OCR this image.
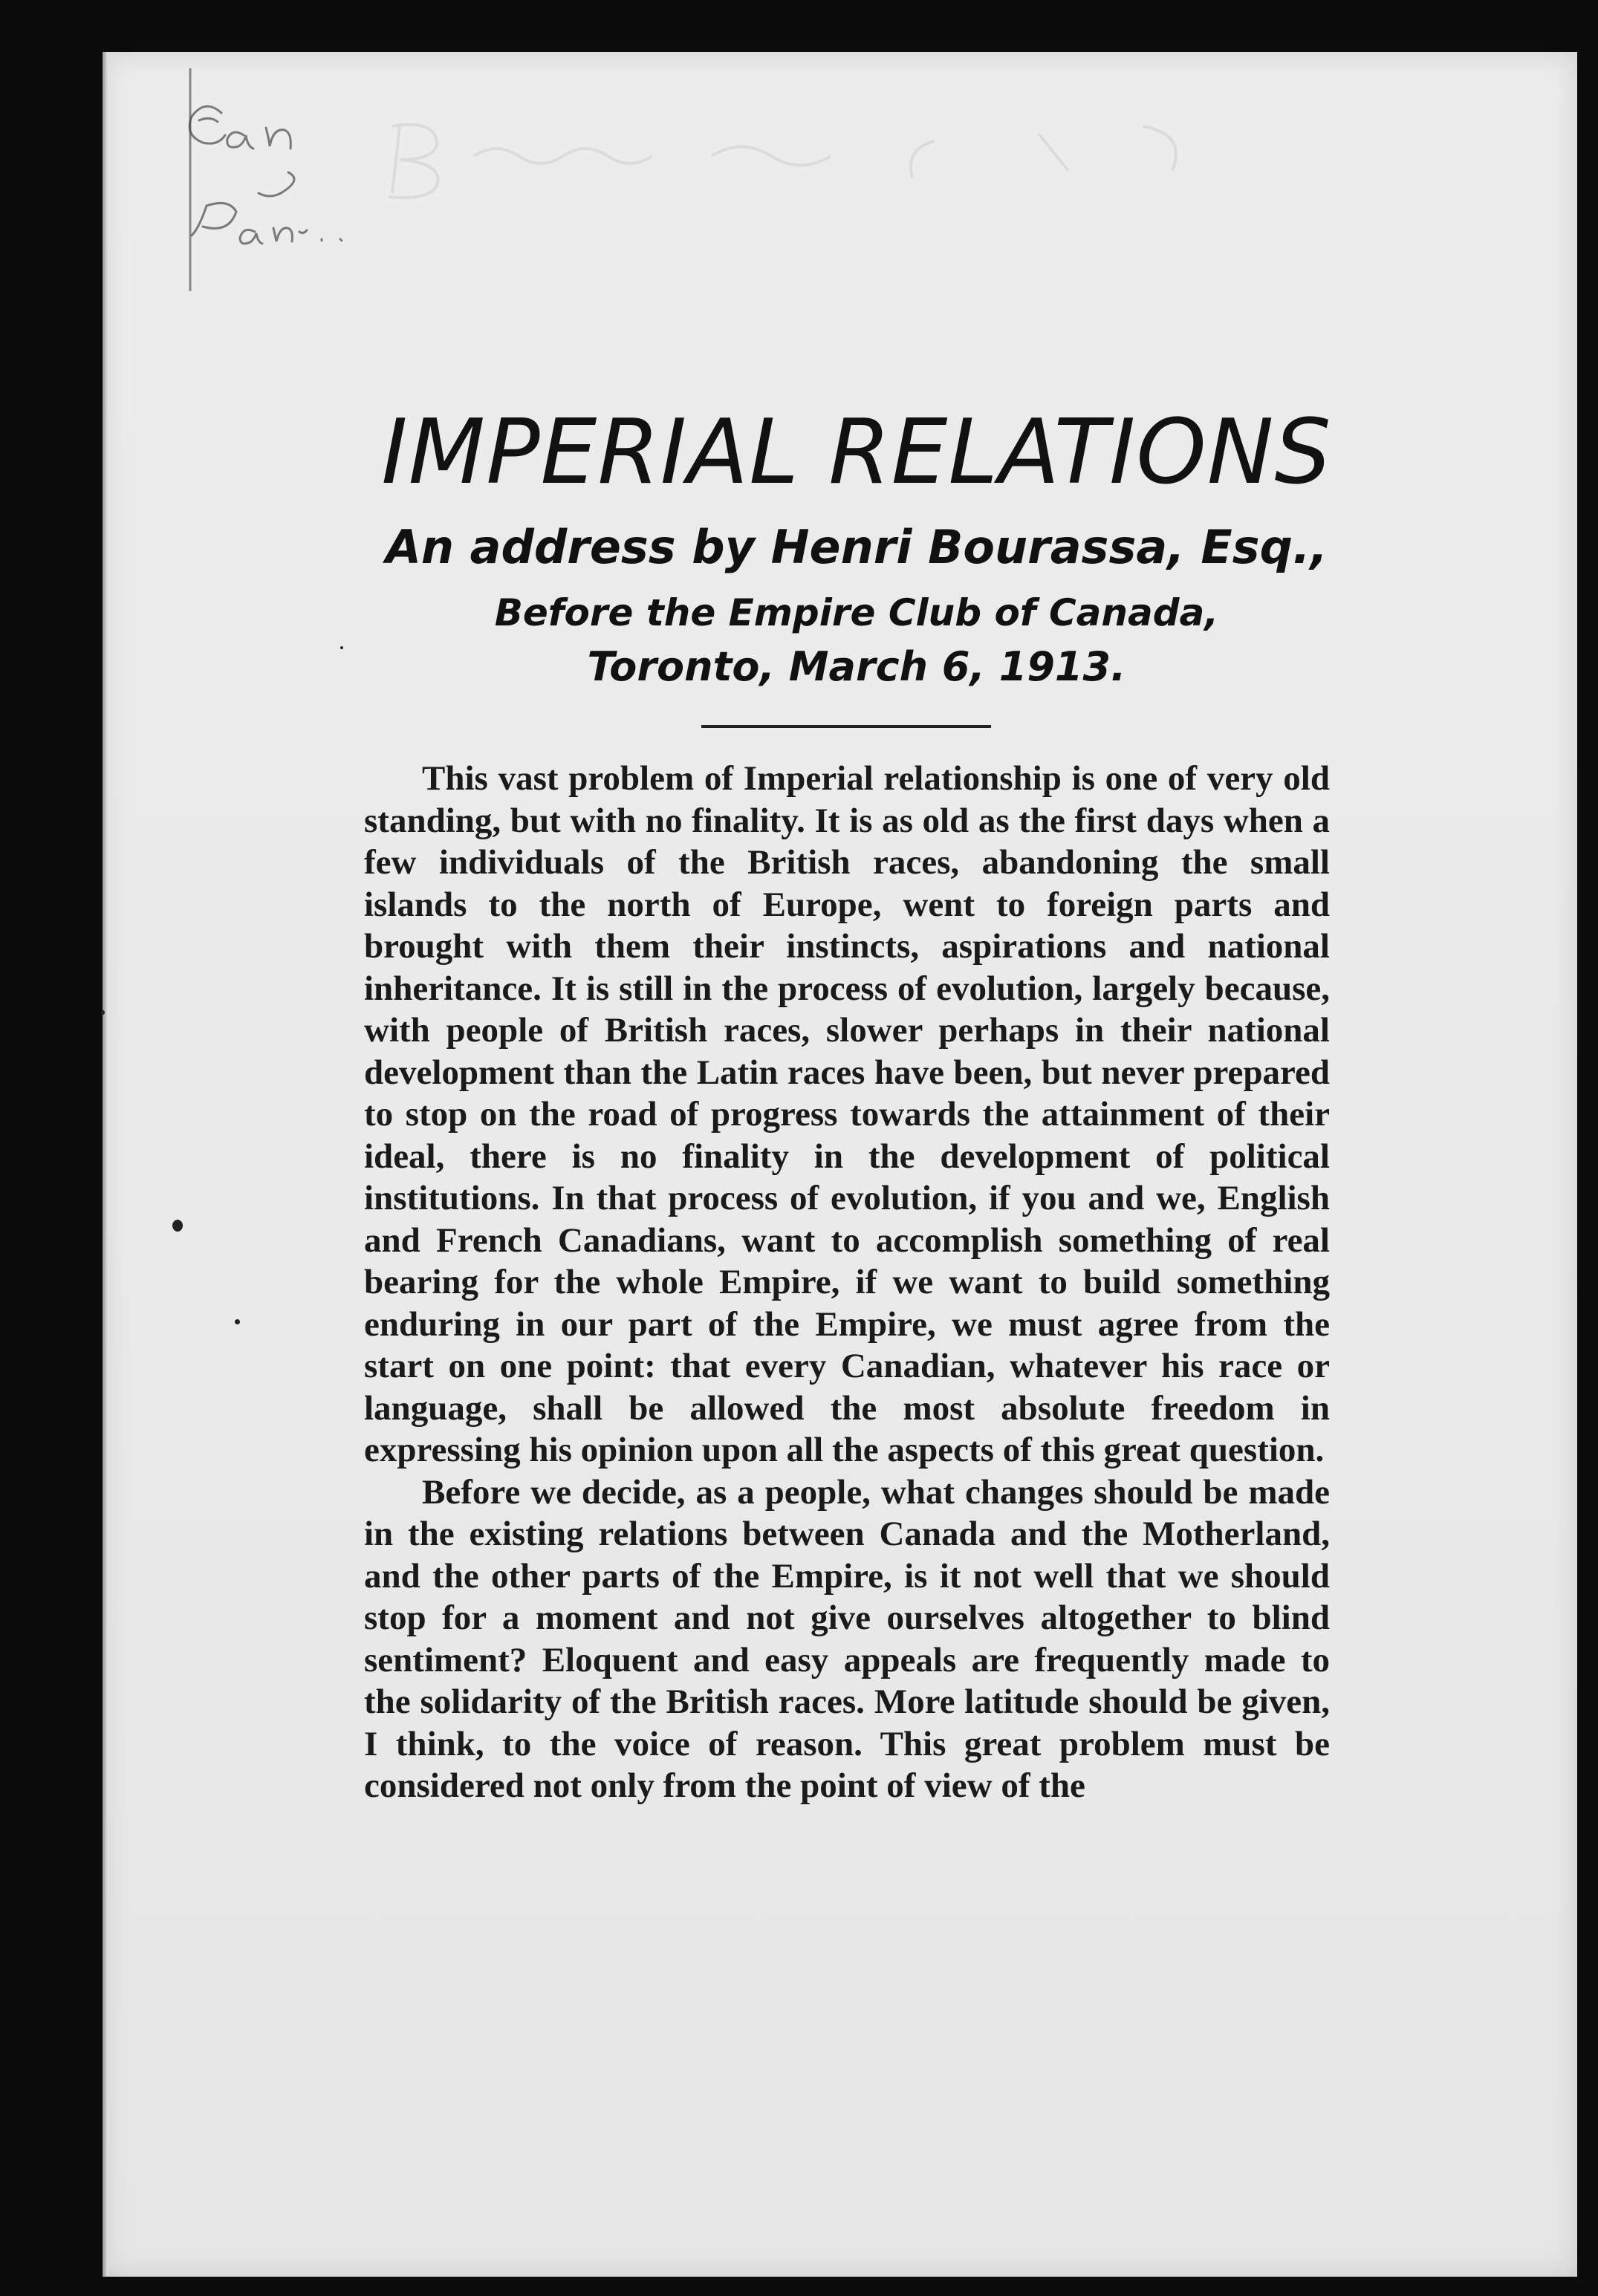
IMPERIAL RELATIONS
An address by Henri Bourassa, Esq.,
Before the Empire Club of Canada,
Toronto, March 6, 1913.

This vast problem of Imperial relationship is one of very old standing, but with no finality. It is as old as the first days when a few individuals of the British races, abandoning the small islands to the north of Europe, went to foreign parts and brought with them their instincts, aspirations and national inheritance. It is still in the process of evolution, largely because, with people of British races, slower perhaps in their national development than the Latin races have been, but never prepared to stop on the road of progress towards the attainment of their ideal, there is no finality in the development of political institutions. In that process of evolution, if you and we, English and French Canadians, want to accomplish something of real bearing for the whole Empire, if we want to build something enduring in our part of the Empire, we must agree from the start on one point: that every Canadian, whatever his race or language, shall be allowed the most absolute freedom in expressing his opinion upon all the aspects of this great question.

Before we decide, as a people, what changes should be made in the existing relations between Canada and the Motherland, and the other parts of the Empire, is it not well that we should stop for a moment and not give ourselves altogether to blind sentiment? Eloquent and easy appeals are frequently made to the solidarity of the British races. More latitude should be given, I think, to the voice of reason. This great problem must be considered not only from the point of view of the
